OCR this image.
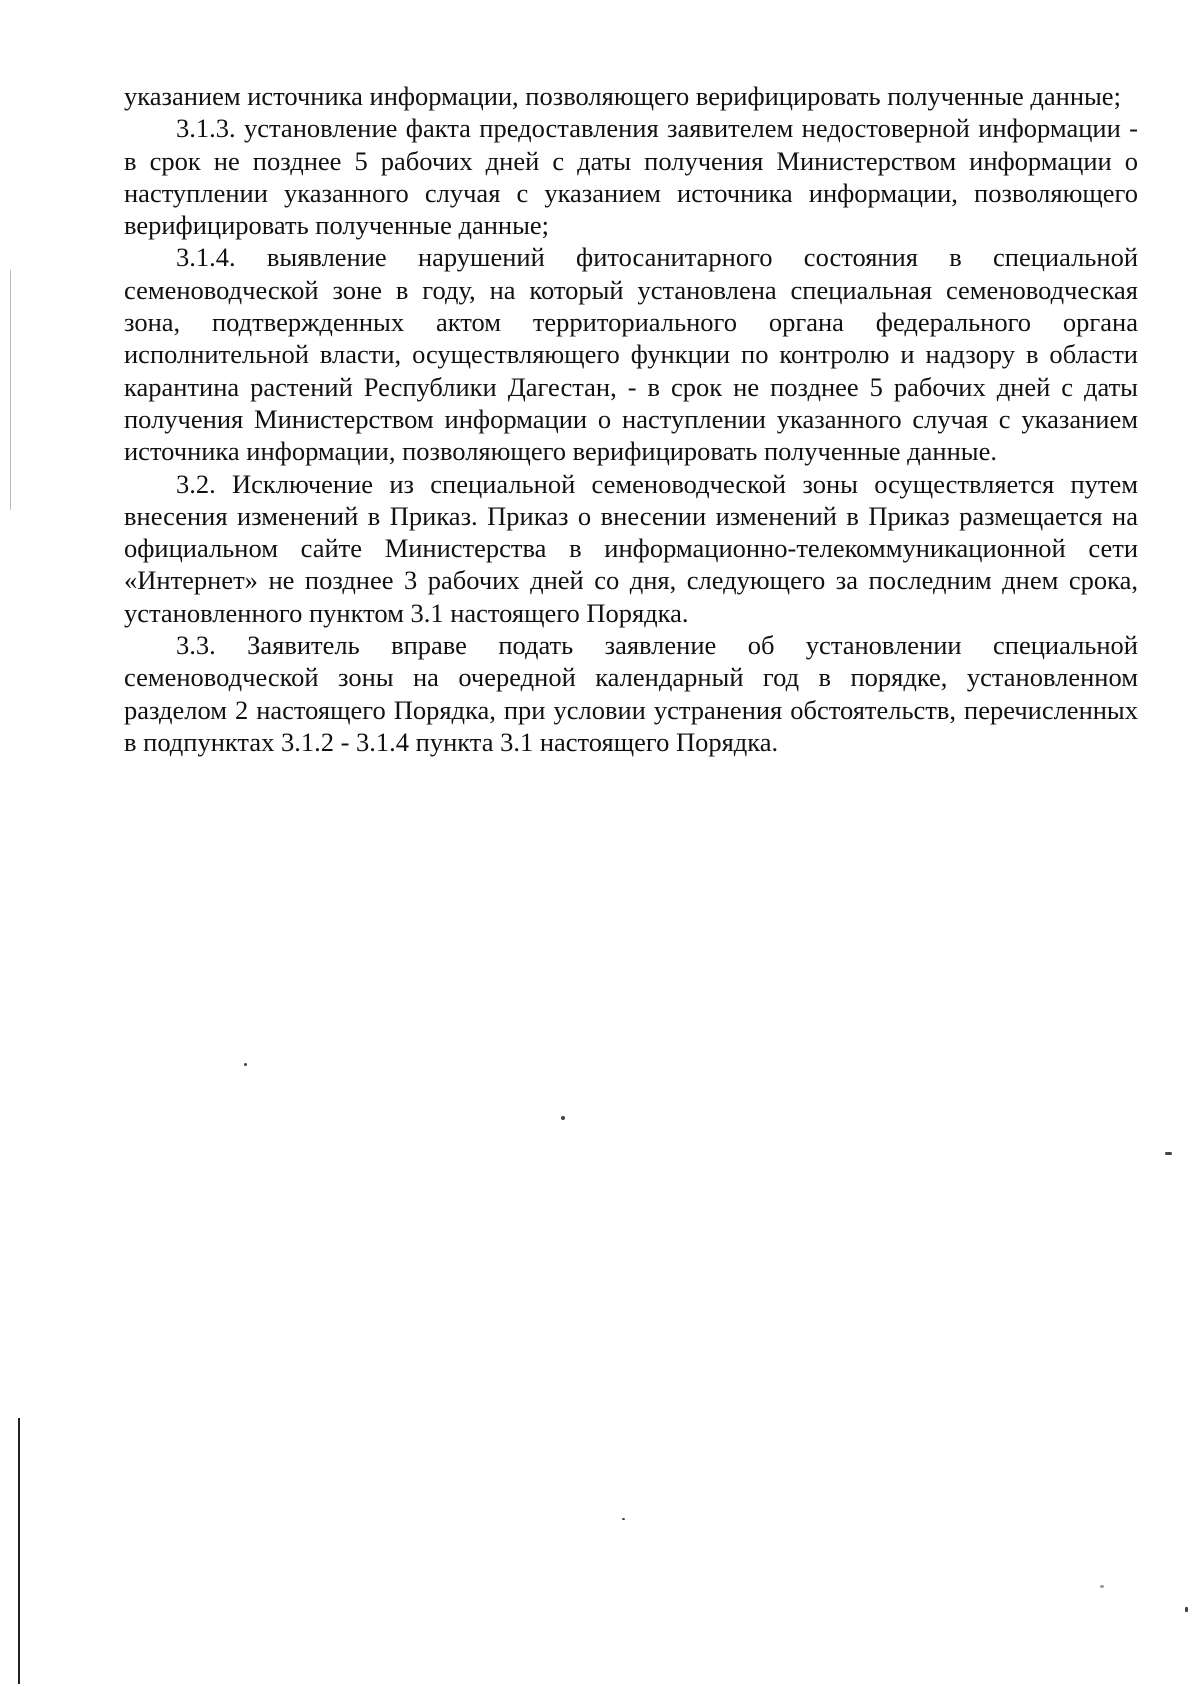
указанием источника информации, позволяющего верифицировать полученные данные;

3.1.3. установление факта предоставления заявителем недостоверной информации - в срок не позднее 5 рабочих дней с даты получения Министерством информации о наступлении указанного случая с указанием источника информации, позволяющего верифицировать полученные данные;

3.1.4. выявление нарушений фитосанитарного состояния в специальной семеноводческой зоне в году, на который установлена специальная семеноводческая зона, подтвержденных актом территориального органа федерального органа исполнительной власти, осуществляющего функции по контролю и надзору в области карантина растений Республики Дагестан, - в срок не позднее 5 рабочих дней с даты получения Министерством информации о наступлении указанного случая с указанием источника информации, позволяющего верифицировать полученные данные.

3.2. Исключение из специальной семеноводческой зоны осуществляется путем внесения изменений в Приказ. Приказ о внесении изменений в Приказ размещается на официальном сайте Министерства в информационно-телекоммуникационной сети «Интернет» не позднее 3 рабочих дней со дня, следующего за последним днем срока, установленного пунктом 3.1 настоящего Порядка.

3.3. Заявитель вправе подать заявление об установлении специальной семеноводческой зоны на очередной календарный год в порядке, установленном разделом 2 настоящего Порядка, при условии устранения обстоятельств, перечисленных в подпунктах 3.1.2 - 3.1.4 пункта 3.1 настоящего Порядка.
